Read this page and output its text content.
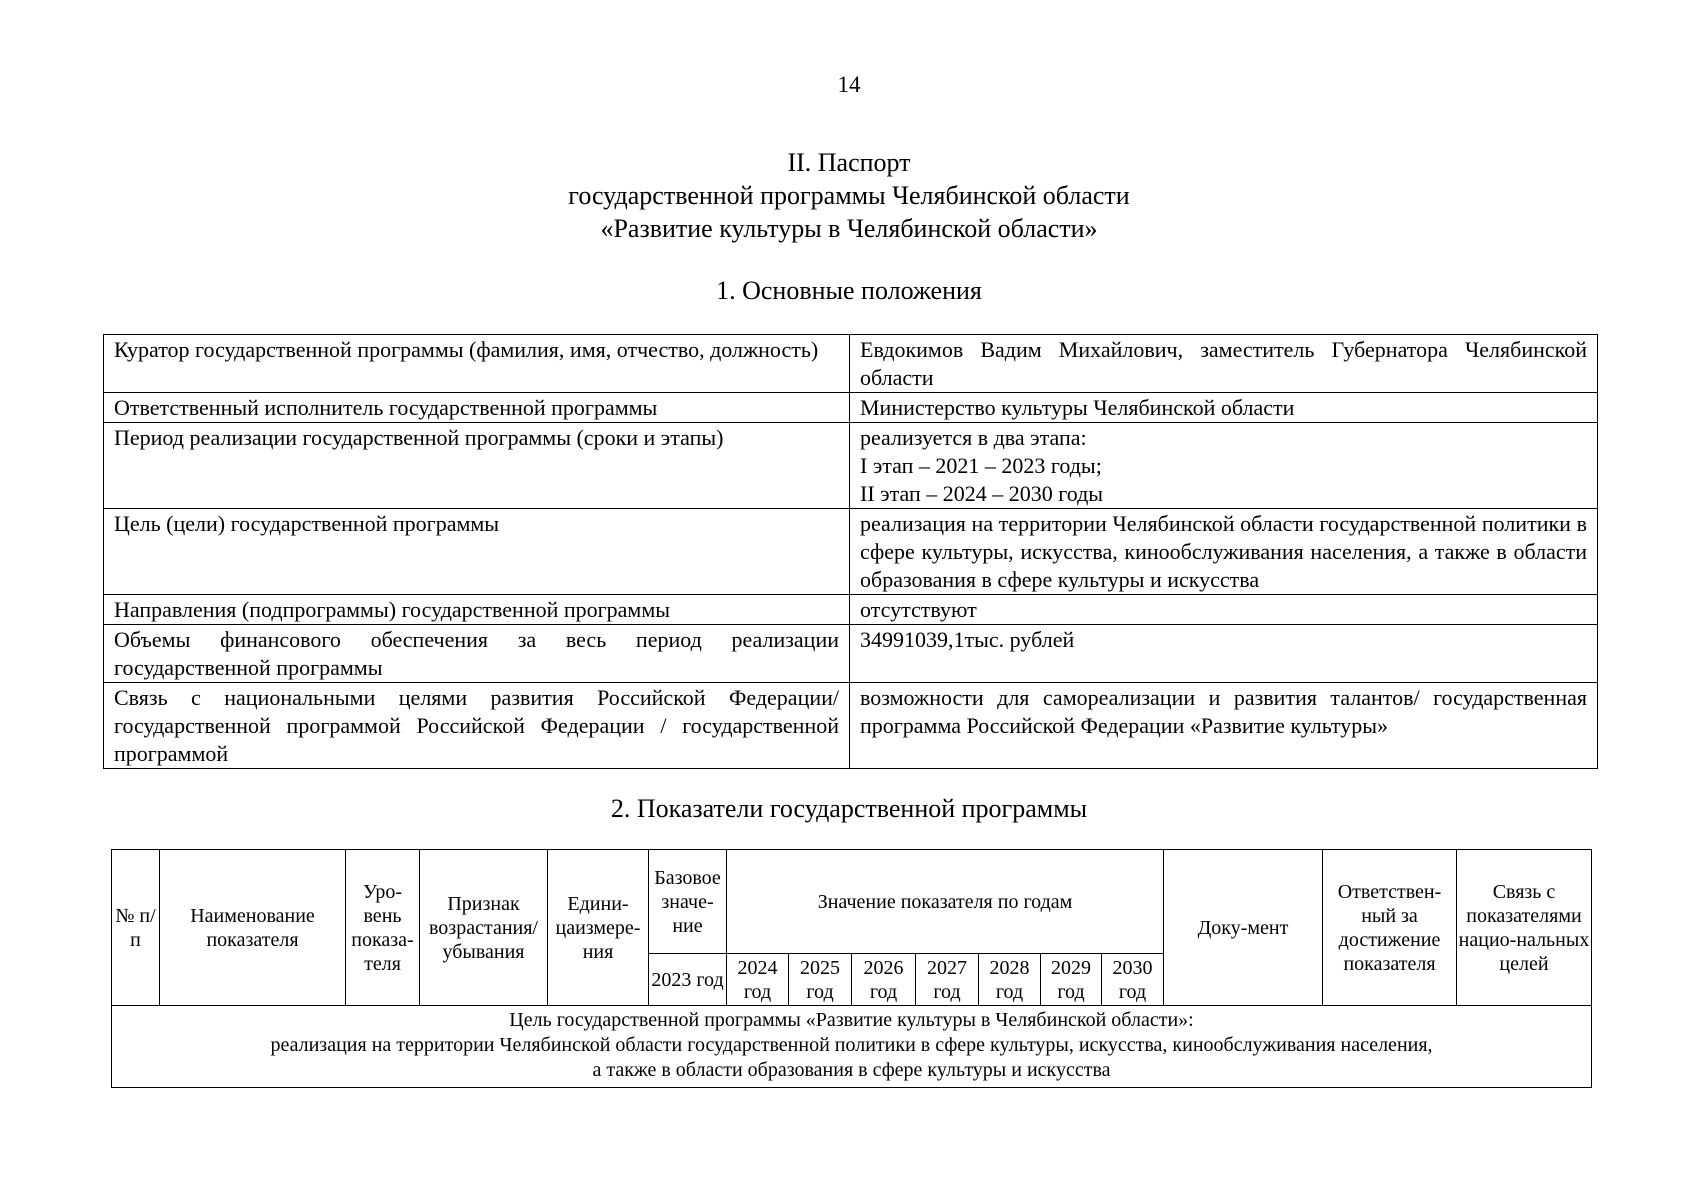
14
II. Паспорт
государственной программы Челябинской области
«Развитие культуры в Челябинской области»
1. Основные положения
Куратор государственной программы (фамилия, имя, отчество, должность)	Евдокимов Вадим Михайлович, заместитель Губернатора Челябинской области
Ответственный исполнитель государственной программы	Министерство культуры Челябинской области
Период реализации государственной программы (сроки и этапы)	реализуется в два этапа:
I этап – 2021 – 2023 годы;
II этап – 2024 – 2030 годы

Цель (цели) государственной программы	реализация на территории Челябинской области государственной политики в сфере культуры, искусства, кинообслуживания населения, а также в области образования в сфере культуры и искусства
Направления (подпрограммы) государственной программы	отсутствуют
Объемы финансового обеспечения за весь период реализации государственной программы	34991039,1тыс. рублей
Связь с национальными целями развития Российской Федерации/ государственной программой Российской Федерации / государственной программой	возможности для самореализации и развития талантов/ государственная программа Российской Федерации «Развитие культуры»
2. Показатели государственной программы
№ п/п	Наименование показателя	Уро-вень показа-теля	Признак возрастания/ убывания	Едини-цаизмере-ния	Базовое значе-ние	Значение показателя по годам							Доку-мент	Ответствен-ный за достижение показателя	Связь с показателями нацио-нальных целей
					2023 год	2024 год	2025 год	2026 год	2027 год	2028 год	2029 год	2030 год			

Цель государственной программы «Развитие культуры в Челябинской области»:
реализация на территории Челябинской области государственной политики в сфере культуры, искусства, кинообслуживания населения,
а также в области образования в сфере культуры и искусства															
